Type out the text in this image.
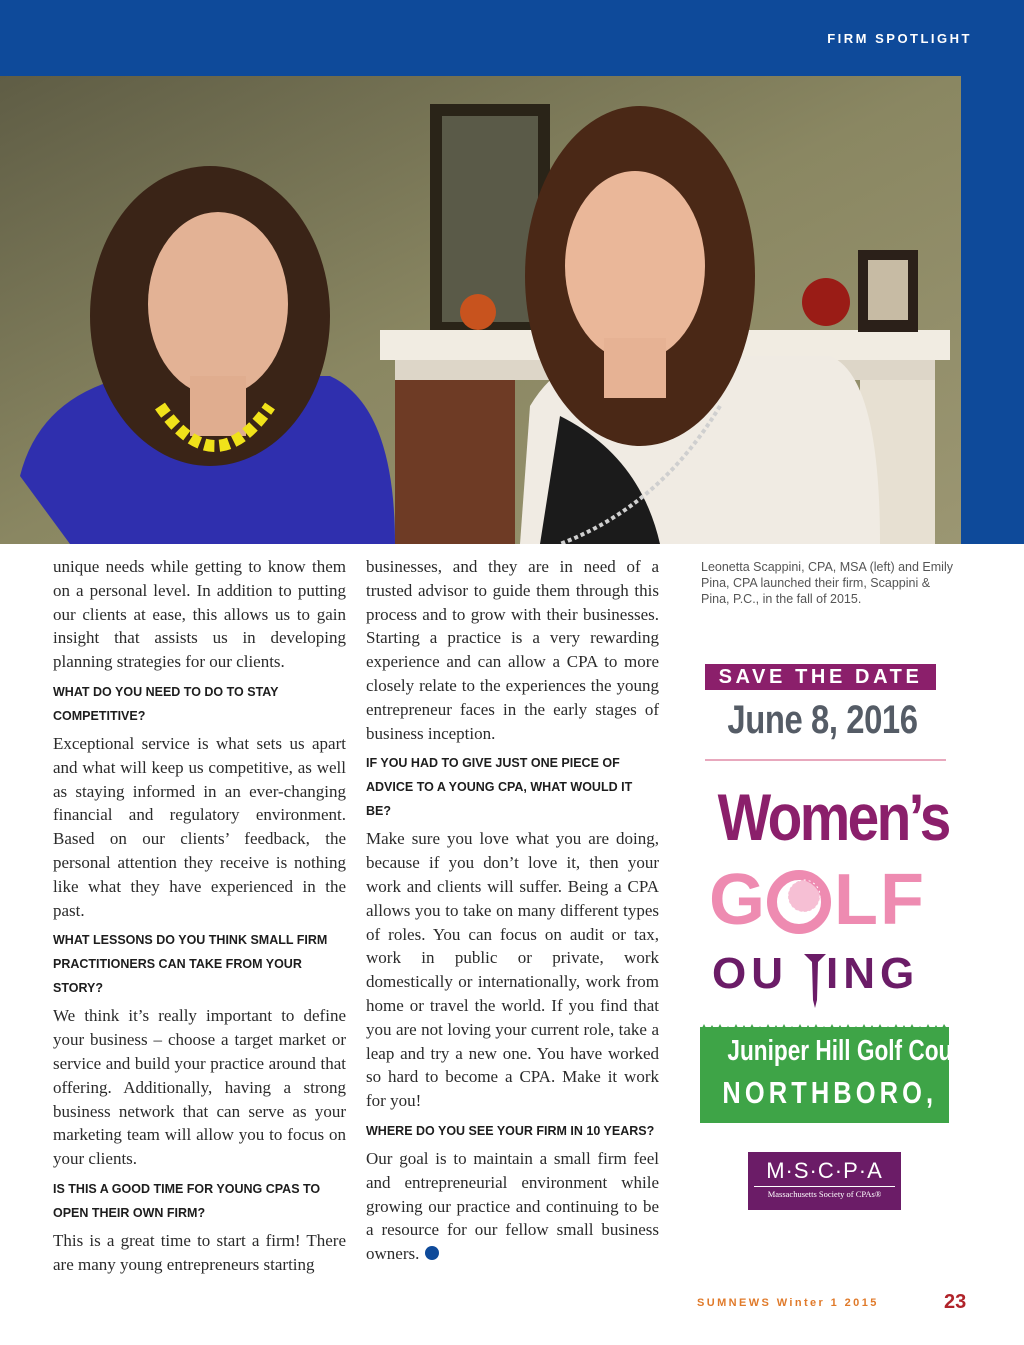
FIRM SPOTLIGHT

unique needs while getting to know them on a personal level. In addition to putting our clients at ease, this allows us to gain insight that assists us in developing planning strategies for our clients.

WHAT DO YOU NEED TO DO TO STAY COMPETITIVE?

Exceptional service is what sets us apart and what will keep us competitive, as well as staying informed in an ever-changing financial and regulatory environment. Based on our clients’ feedback, the personal attention they receive is nothing like what they have experienced in the past.

WHAT LESSONS DO YOU THINK SMALL FIRM PRACTITIONERS CAN TAKE FROM YOUR STORY?

We think it’s really important to define your business – choose a target market or service and build your practice around that offering. Additionally, having a strong business network that can serve as your marketing team will allow you to focus on your clients.

IS THIS A GOOD TIME FOR YOUNG CPAS TO OPEN THEIR OWN FIRM?

This is a great time to start a firm! There are many young entrepreneurs starting

businesses, and they are in need of a trusted advisor to guide them through this process and to grow with their businesses. Starting a practice is a very rewarding experience and can allow a CPA to more closely relate to the experiences the young entrepreneur faces in the early stages of business inception.

IF YOU HAD TO GIVE JUST ONE PIECE OF ADVICE TO A YOUNG CPA, WHAT WOULD IT BE?

Make sure you love what you are doing, because if you don’t love it, then your work and clients will suffer. Being a CPA allows you to take on many different types of roles. You can focus on audit or tax, work in public or private, work domestically or internationally, work from home or travel the world. If you find that you are not loving your current role, take a leap and try a new one. You have worked so hard to become a CPA. Make it work for you!

WHERE DO YOU SEE YOUR FIRM IN 10 YEARS?

Our goal is to maintain a small firm feel and entrepreneurial environment while growing our practice and continuing to be a resource for our fellow small business owners.

Leonetta Scappini, CPA, MSA (left) and Emily Pina, CPA launched their firm, Scappini & Pina, P.C., in the fall of 2015.
SAVE THE DATE
June 8, 2016
Women’s
G LF
OU ING
Juniper Hill Golf Course
NORTHBORO, MA
M·S·C·P·A
Massachusetts Society of CPAs®
SUMNEWS Winter 1 2015	23
